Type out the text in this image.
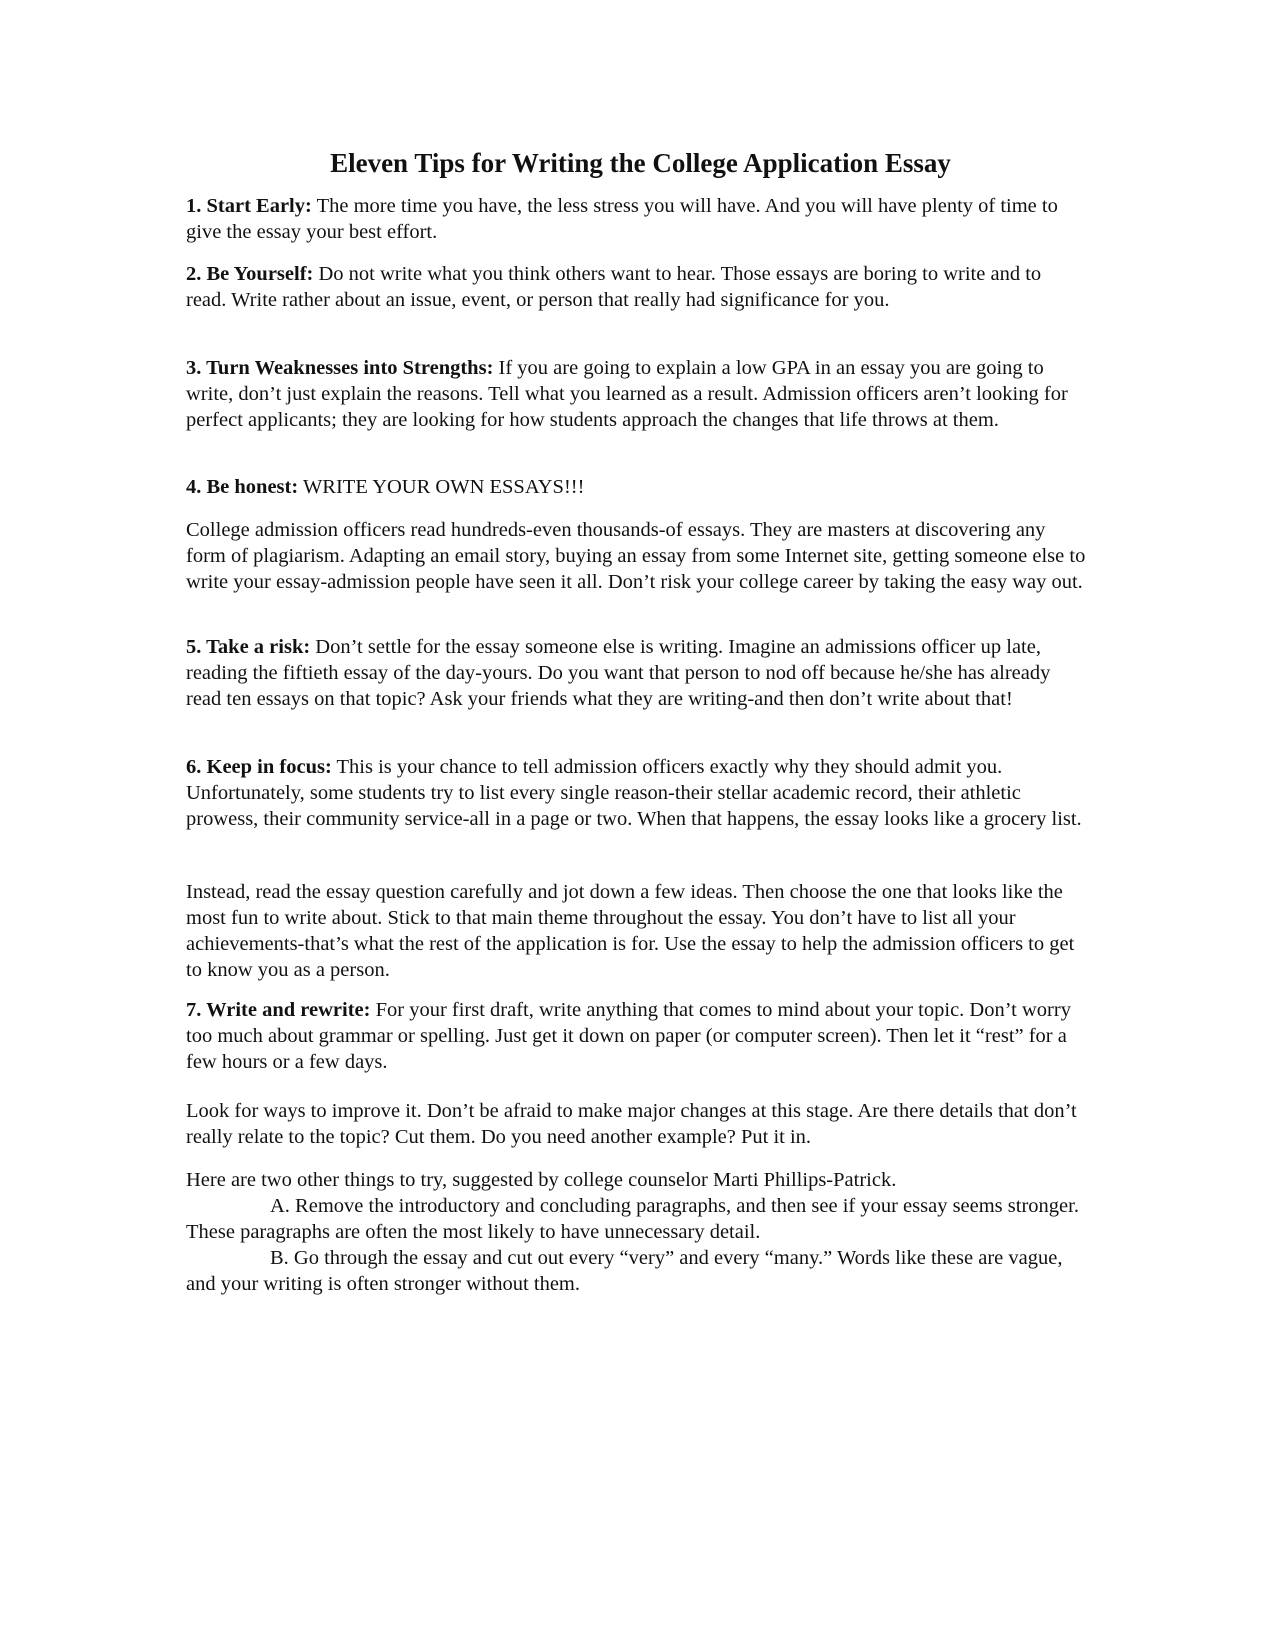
Eleven Tips for Writing the College Application Essay

1. Start Early: The more time you have, the less stress you will have. And you will have plenty of time to give the essay your best effort.

2. Be Yourself: Do not write what you think others want to hear. Those essays are boring to write and to read. Write rather about an issue, event, or person that really had significance for you.

3. Turn Weaknesses into Strengths: If you are going to explain a low GPA in an essay you are going to write, don’t just explain the reasons. Tell what you learned as a result. Admission officers aren’t looking for perfect applicants; they are looking for how students approach the changes that life throws at them.

4. Be honest: WRITE YOUR OWN ESSAYS!!!

College admission officers read hundreds-even thousands-of essays. They are masters at discovering any form of plagiarism. Adapting an email story, buying an essay from some Internet site, getting someone else to write your essay-admission people have seen it all. Don’t risk your college career by taking the easy way out.

5. Take a risk: Don’t settle for the essay someone else is writing. Imagine an admissions officer up late, reading the fiftieth essay of the day-yours. Do you want that person to nod off because he/she has already read ten essays on that topic? Ask your friends what they are writing-and then don’t write about that!

6. Keep in focus: This is your chance to tell admission officers exactly why they should admit you. Unfortunately, some students try to list every single reason-their stellar academic record, their athletic prowess, their community service-all in a page or two. When that happens, the essay looks like a grocery list.

Instead, read the essay question carefully and jot down a few ideas. Then choose the one that looks like the most fun to write about. Stick to that main theme throughout the essay. You don’t have to list all your achievements-that’s what the rest of the application is for. Use the essay to help the admission officers to get to know you as a person.

7. Write and rewrite: For your first draft, write anything that comes to mind about your topic. Don’t worry too much about grammar or spelling. Just get it down on paper (or computer screen). Then let it “rest” for a few hours or a few days.

Look for ways to improve it. Don’t be afraid to make major changes at this stage. Are there details that don’t really relate to the topic? Cut them. Do you need another example? Put it in.

Here are two other things to try, suggested by college counselor Marti Phillips-Patrick.
A. Remove the introductory and concluding paragraphs, and then see if your essay seems stronger. These paragraphs are often the most likely to have unnecessary detail.
B. Go through the essay and cut out every “very” and every “many.” Words like these are vague, and your writing is often stronger without them.
